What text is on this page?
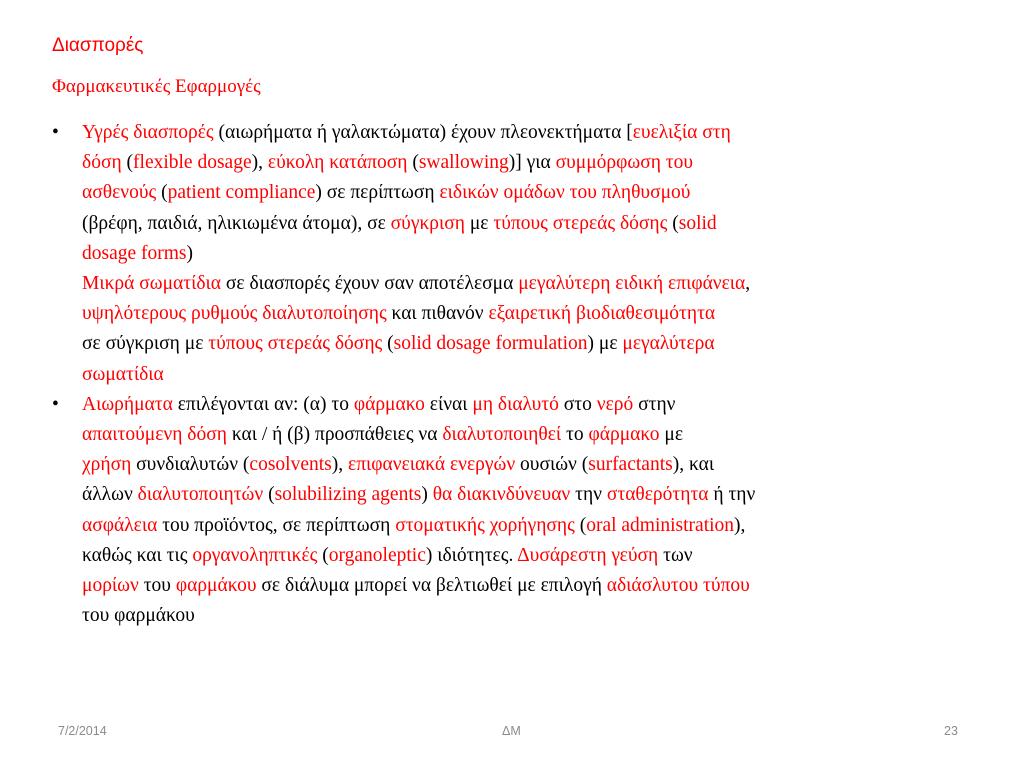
Διασπορές
Φαρμακευτικές Εφαρμογές
• Υγρές διασπορές (αιωρήματα ή γαλακτώματα) έχουν πλεονεκτήματα [ευελιξία στη
δόση (flexible dosage), εύκολη κατάποση (swallowing)] για συμμόρφωση του
ασθενούς (patient compliance) σε περίπτωση ειδικών ομάδων του πληθυσμού
(βρέφη, παιδιά, ηλικιωμένα άτομα), σε σύγκριση με τύπους στερεάς δόσης (solid
dosage forms)
Μικρά σωματίδια σε διασπορές έχουν σαν αποτέλεσμα μεγαλύτερη ειδική επιφάνεια,
υψηλότερους ρυθμούς διαλυτοποίησης και πιθανόν εξαιρετική βιοδιαθεσιμότητα
σε σύγκριση με τύπους στερεάς δόσης (solid dosage formulation) με μεγαλύτερα
σωματίδια
• Αιωρήματα επιλέγονται αν: (α) το φάρμακο είναι μη διαλυτό στο νερό στην
απαιτούμενη δόση και / ή (β) προσπάθειες να διαλυτοποιηθεί το φάρμακο με
χρήση συνδιαλυτών (cosolvents), επιφανειακά ενεργών ουσιών (surfactants), και
άλλων διαλυτοποιητών (solubilizing agents) θα διακινδύνευαν την σταθερότητα ή την
ασφάλεια του προϊόντος, σε περίπτωση στοματικής χορήγησης (oral administration),
καθώς και τις οργανοληπτικές (organoleptic) ιδιότητες. Δυσάρεστη γεύση των
μορίων του φαρμάκου σε διάλυμα μπορεί να βελτιωθεί με επιλογή αδιάσλυτου τύπου
του φαρμάκου
7/2/2014	ΔΜ	23
